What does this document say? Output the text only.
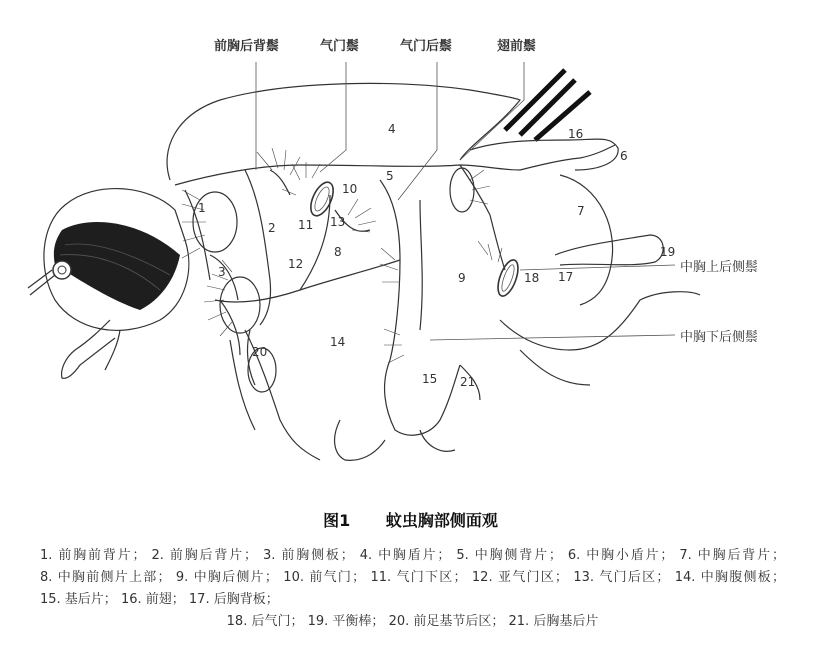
前胸后背鬃	气门鬃	气门后鬃	翅前鬃
中胸上后侧鬃
中胸下后侧鬃
1
2
3
4
5
6
7
8
9
10
11
12
13
14
15
16
17
18
19
20
21
图1 蚊虫胸部侧面观
1. 前胸前背片； 2. 前胸后背片； 3. 前胸侧板； 4. 中胸盾片； 5. 中胸侧背片； 6. 中胸小盾片； 7. 中胸后背片； 8. 中胸前侧片上部； 9. 中胸后侧片； 10. 前气门； 11. 气门下区； 12. 亚气门区； 13. 气门后区； 14. 中胸腹侧板； 15. 基后片； 16. 前翅； 17. 后胸背板；
18. 后气门； 19. 平衡棒； 20. 前足基节后区； 21. 后胸基后片
